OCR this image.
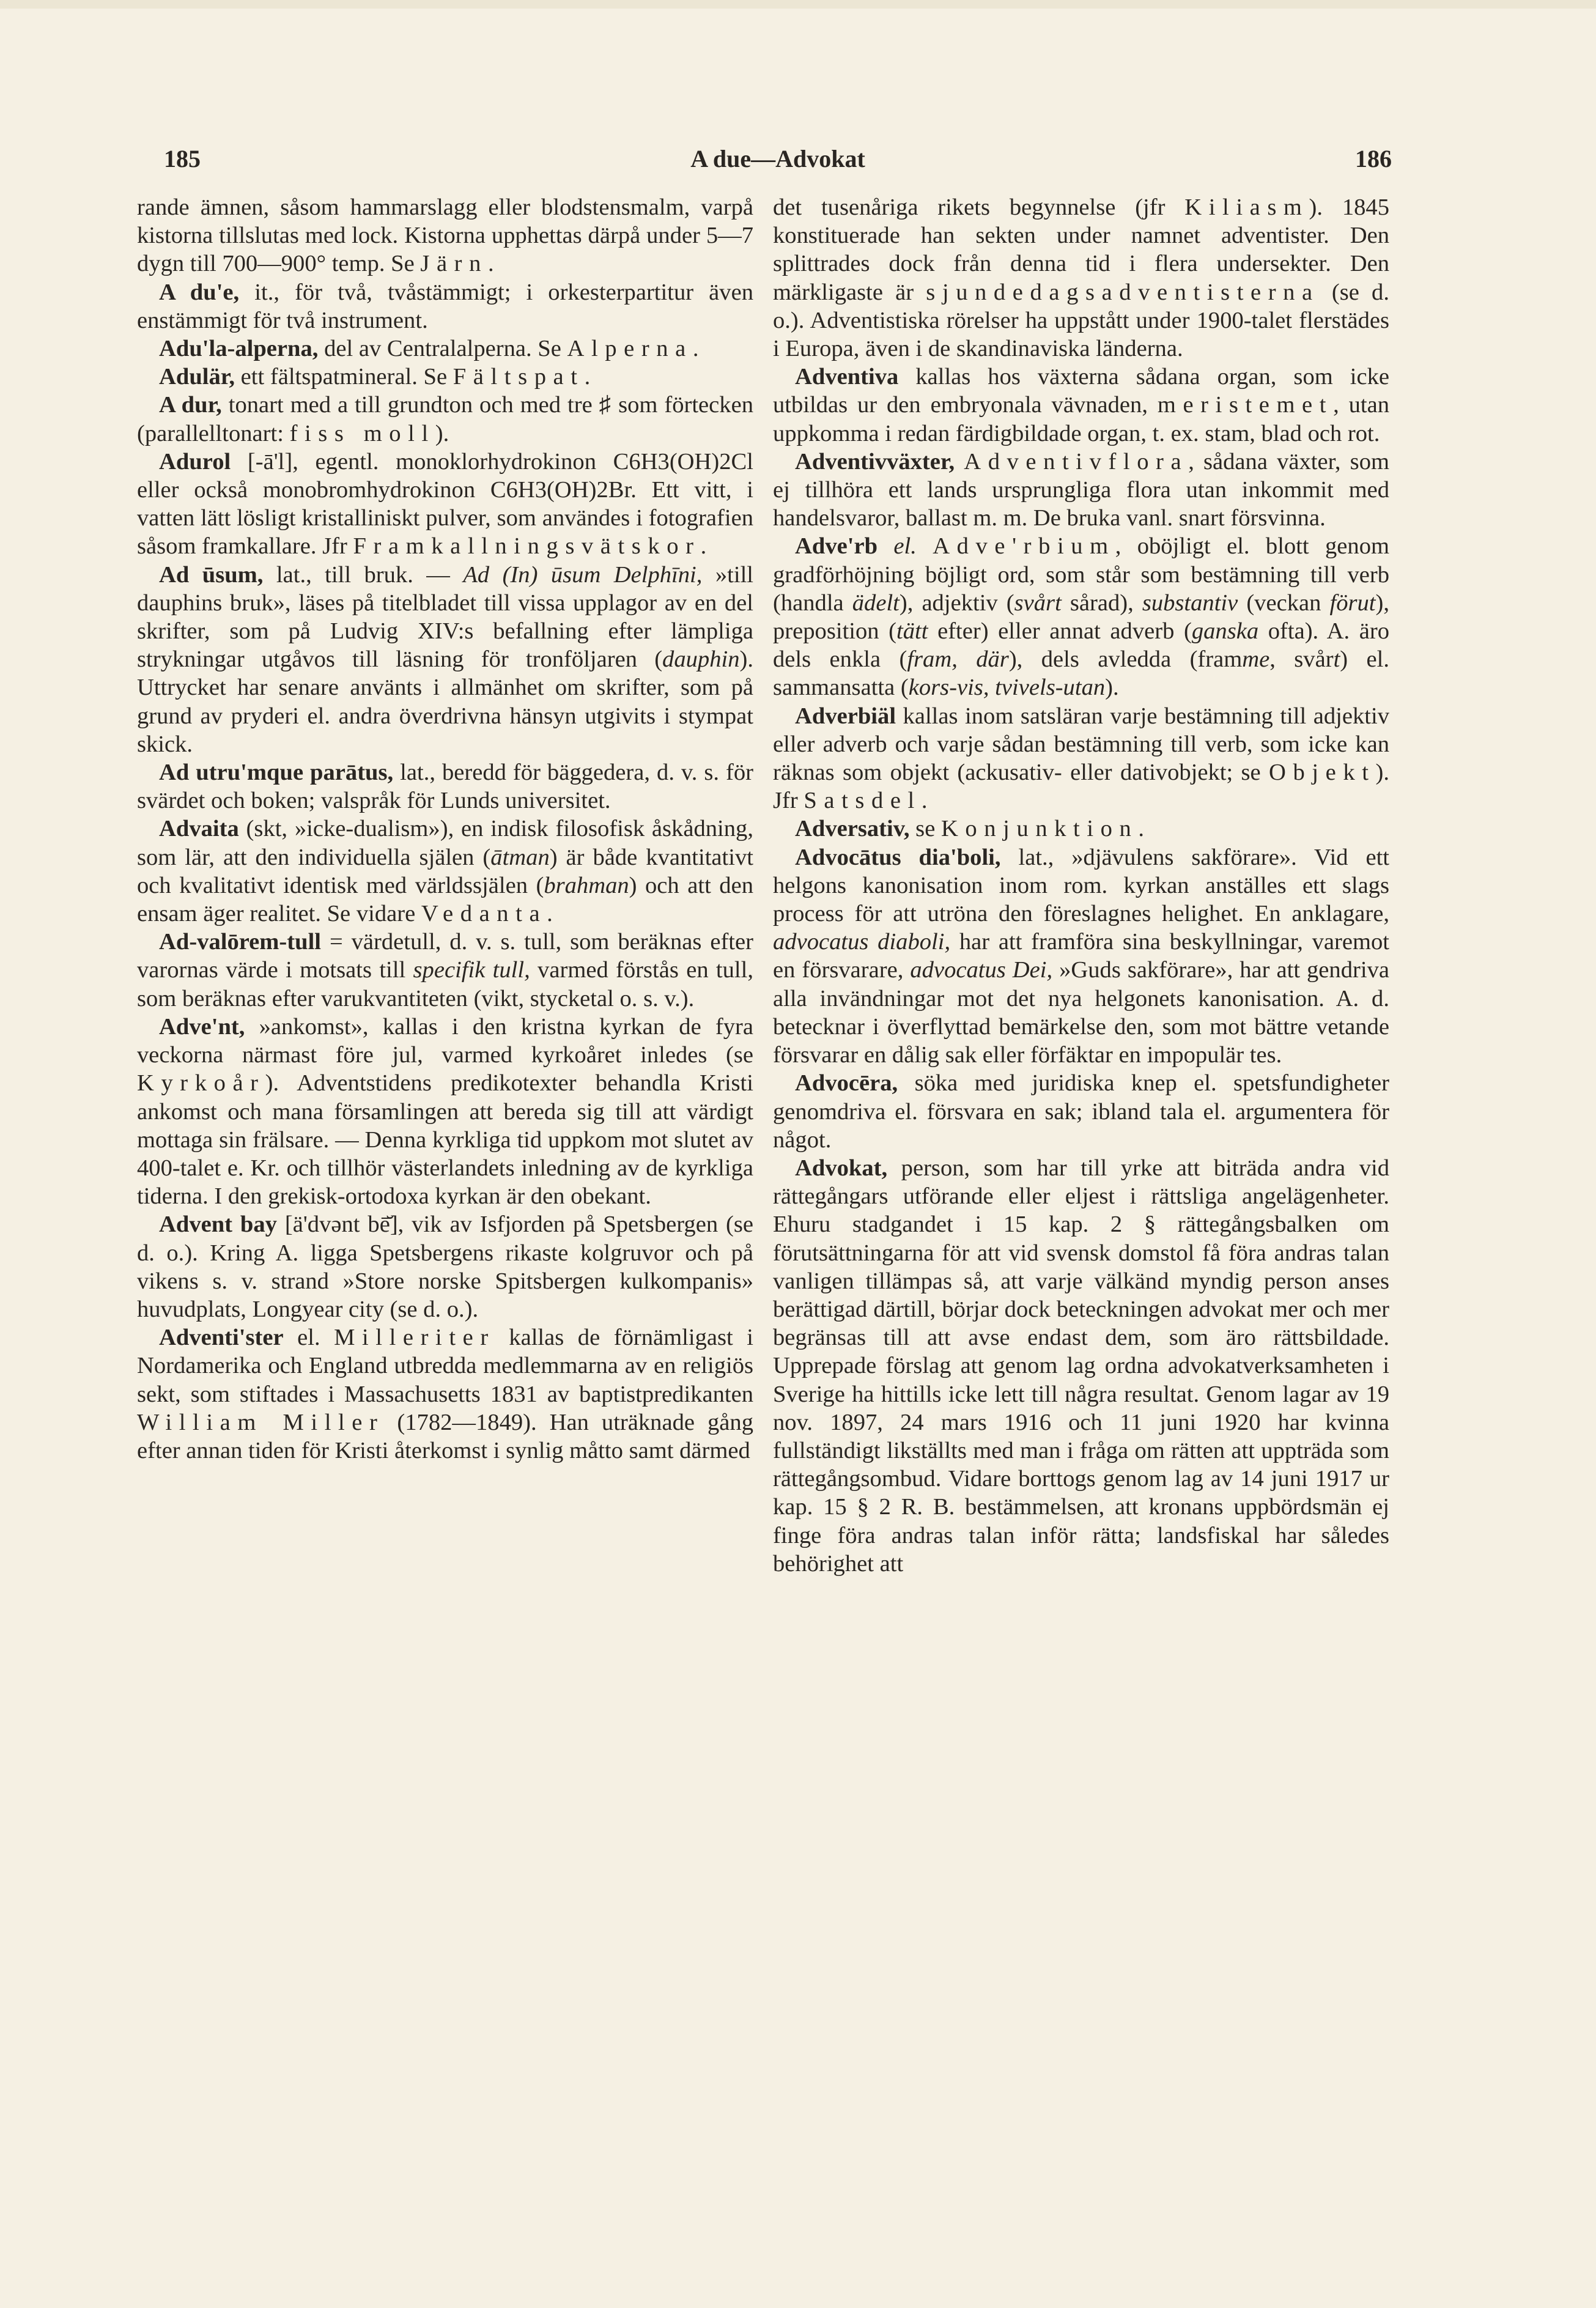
185	A due—Advokat	186

rande ämnen, såsom hammarslagg eller blodstensmalm, varpå kistorna tillslutas med lock. Kistorna upphettas därpå under 5—7 dygn till 700—900° temp. Se Järn.

A du'e, it., för två, tvåstämmigt; i orkesterpartitur även enstämmigt för två instrument.

Adu'la-alperna, del av Centralalperna. Se Alperna.

Adulär, ett fältspatmineral. Se Fältspat.

A dur, tonart med a till grundton och med tre ♯ som förtecken (parallelltonart: fiss moll).

Adurol [-ā'l], egentl. monoklorhydrokinon C6H3(OH)2Cl eller också monobromhydrokinon C6H3(OH)2Br. Ett vitt, i vatten lätt lösligt kristalliniskt pulver, som användes i fotografien såsom framkallare. Jfr Framkallningsvätskor.

Ad ūsum, lat., till bruk. — Ad (In) ūsum Delphīni, »till dauphins bruk», läses på titelbladet till vissa upplagor av en del skrifter, som på Ludvig XIV:s befallning efter lämpliga strykningar utgåvos till läsning för tronföljaren (dauphin). Uttrycket har senare använts i allmänhet om skrifter, som på grund av pryderi el. andra överdrivna hänsyn utgivits i stympat skick.

Ad utru'mque parātus, lat., beredd för bäggedera, d. v. s. för svärdet och boken; valspråk för Lunds universitet.

Advaita (skt, »icke-dualism»), en indisk filosofisk åskådning, som lär, att den individuella själen (ātman) är både kvantitativt och kvalitativt identisk med världssjälen (brahman) och att den ensam äger realitet. Se vidare Vedanta.

Ad-valōrem-tull = värdetull, d. v. s. tull, som beräknas efter varornas värde i motsats till specifik tull, varmed förstås en tull, som beräknas efter varukvantiteten (vikt, stycketal o. s. v.).

Adve'nt, »ankomst», kallas i den kristna kyrkan de fyra veckorna närmast före jul, varmed kyrkoåret inledes (se Kyrkoår). Adventstidens predikotexter behandla Kristi ankomst och mana församlingen att bereda sig till att värdigt mottaga sin frälsare. — Denna kyrkliga tid uppkom mot slutet av 400-talet e. Kr. och tillhör västerlandets inledning av de kyrkliga tiderna. I den grekisk-ortodoxa kyrkan är den obekant.

Advent bay [ä'dvənt bē̆], vik av Isfjorden på Spetsbergen (se d. o.). Kring A. ligga Spetsbergens rikaste kolgruvor och på vikens s. v. strand »Store norske Spitsbergen kulkompanis» huvudplats, Longyear city (se d. o.).

Adventi'ster el. Milleriter kallas de förnämligast i Nordamerika och England utbredda medlemmarna av en religiös sekt, som stiftades i Massachusetts 1831 av baptistpredikanten William Miller (1782—1849). Han uträknade gång efter annan tiden för Kristi återkomst i synlig måtto samt därmed

det tusenåriga rikets begynnelse (jfr Kiliasm). 1845 konstituerade han sekten under namnet adventister. Den splittrades dock från denna tid i flera undersekter. Den märkligaste är sjundedagsadventisterna (se d. o.). Adventistiska rörelser ha uppstått under 1900-talet flerstädes i Europa, även i de skandinaviska länderna.

Adventiva kallas hos växterna sådana organ, som icke utbildas ur den embryonala vävnaden, meristemet, utan uppkomma i redan färdigbildade organ, t. ex. stam, blad och rot.

Adventivväxter, Adventivflora, sådana växter, som ej tillhöra ett lands ursprungliga flora utan inkommit med handelsvaror, ballast m. m. De bruka vanl. snart försvinna.

Adve'rb el. Adve'rbium, oböjligt el. blott genom gradförhöjning böjligt ord, som står som bestämning till verb (handla ädelt), adjektiv (svårt sårad), substantiv (veckan förut), preposition (tätt efter) eller annat adverb (ganska ofta). A. äro dels enkla (fram, där), dels avledda (framme, svårt) el. sammansatta (kors-vis, tvivels-utan).

Adverbiäl kallas inom satsläran varje bestämning till adjektiv eller adverb och varje sådan bestämning till verb, som icke kan räknas som objekt (ackusativ- eller dativobjekt; se Objekt). Jfr Satsdel.

Adversativ, se Konjunktion.

Advocātus dia'boli, lat., »djävulens sakförare». Vid ett helgons kanonisation inom rom. kyrkan anställes ett slags process för att utröna den föreslagnes helighet. En anklagare, advocatus diaboli, har att framföra sina beskyllningar, varemot en försvarare, advocatus Dei, »Guds sakförare», har att gendriva alla invändningar mot det nya helgonets kanonisation. A. d. betecknar i överflyttad bemärkelse den, som mot bättre vetande försvarar en dålig sak eller förfäktar en impopulär tes.

Advocēra, söka med juridiska knep el. spetsfundigheter genomdriva el. försvara en sak; ibland tala el. argumentera för något.

Advokat, person, som har till yrke att biträda andra vid rättegångars utförande eller eljest i rättsliga angelägenheter. Ehuru stadgandet i 15 kap. 2 § rättegångsbalken om förutsättningarna för att vid svensk domstol få föra andras talan vanligen tillämpas så, att varje välkänd myndig person anses berättigad därtill, börjar dock beteckningen advokat mer och mer begränsas till att avse endast dem, som äro rättsbildade. Upprepade förslag att genom lag ordna advokatverksamheten i Sverige ha hittills icke lett till några resultat. Genom lagar av 19 nov. 1897, 24 mars 1916 och 11 juni 1920 har kvinna fullständigt likställts med man i fråga om rätten att uppträda som rättegångsombud. Vidare borttogs genom lag av 14 juni 1917 ur kap. 15 § 2 R. B. bestämmelsen, att kronans uppbördsmän ej finge föra andras talan inför rätta; landsfiskal har således behörighet att
